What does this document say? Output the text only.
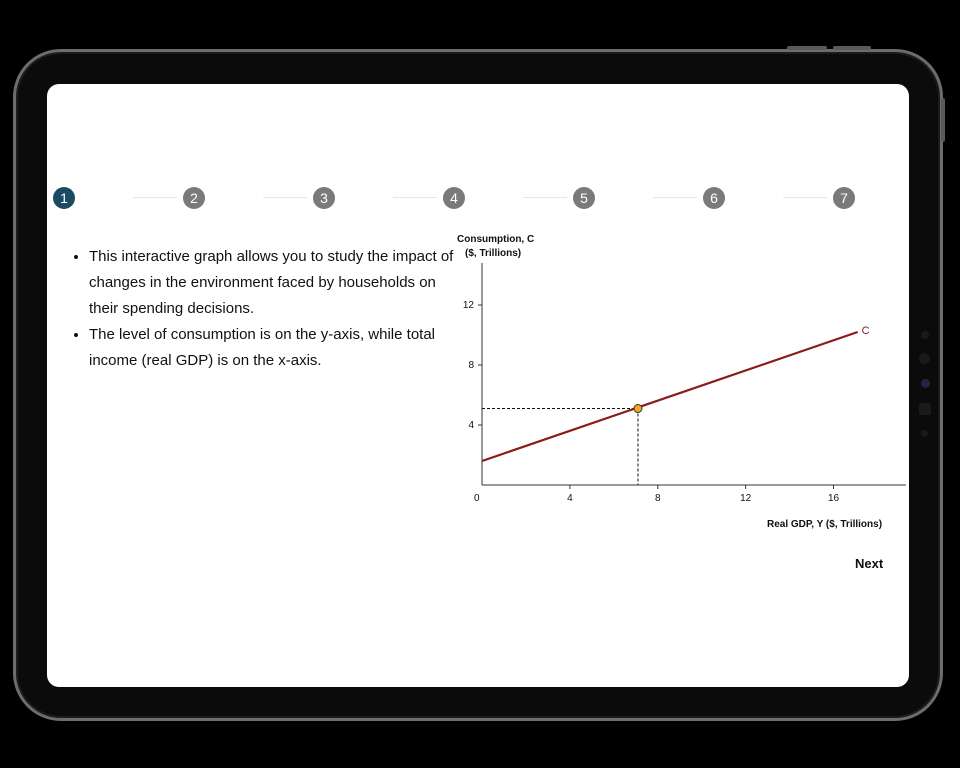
1	2	3	4	5	6	7
• This interactive graph allows you to study the impact of changes in the environment faced by households on their spending decisions.
• The level of consumption is on the y-axis, while total income (real GDP) is on the x-axis.
Consumption, C
($, Trillions)
0	4	8	12	16
4
8
12
C
Real GDP, Y ($, Trillions)
Next
